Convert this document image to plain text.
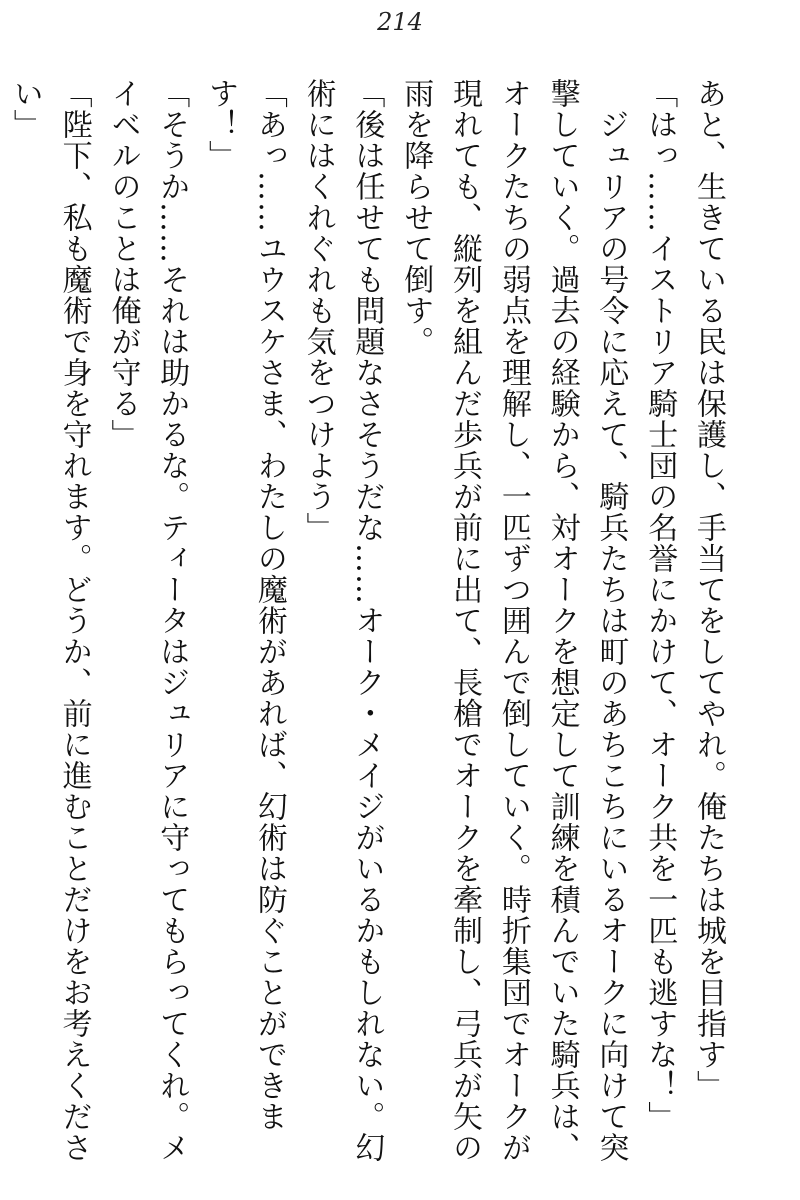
214

あと、生きている民は保護し、手当てをしてやれ。俺たちは城を目指す」

「はっ……イストリア騎士団の名誉にかけて、オーク共を一匹も逃すな！」

　ジュリアの号令に応えて、騎兵たちは町のあちこちにいるオークに向けて突撃していく。過去の経験から、対オークを想定して訓練を積んでいた騎兵は、オークたちの弱点を理解し、一匹ずつ囲んで倒していく。時折集団でオークが現れても、縦列を組んだ歩兵が前に出て、長槍でオークを牽制し、弓兵が矢の雨を降らせて倒す。

「後は任せても問題なさそうだな……オーク・メイジがいるかもしれない。幻術にはくれぐれも気をつけよう」

「あっ……ユウスケさま、わたしの魔術があれば、幻術は防ぐことができます！」

「そうか……それは助かるな。ティータはジュリアに守ってもらってくれ。メイベルのことは俺が守る」

「陛下、私も魔術で身を守れます。どうか、前に進むことだけをお考えください」
